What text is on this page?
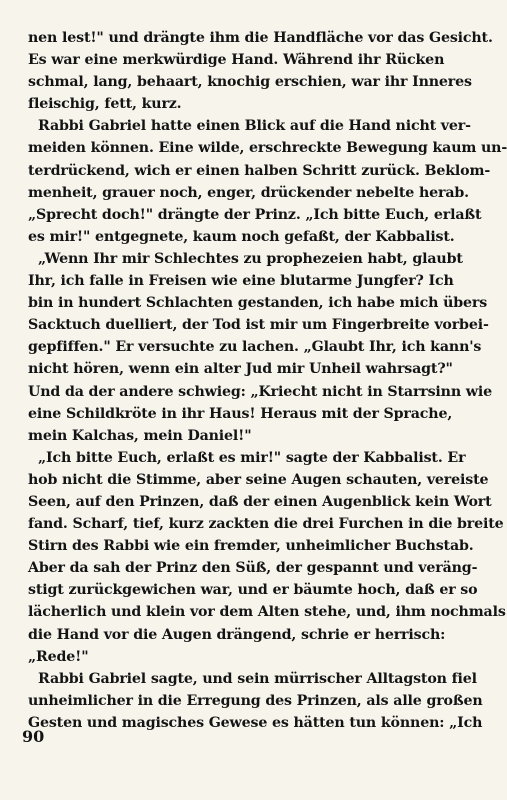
nen lest!" und drängte ihm die Handfläche vor das Gesicht.
Es war eine merkwürdige Hand. Während ihr Rücken
schmal, lang, behaart, knochig erschien, war ihr Inneres
fleischig, fett, kurz.
Rabbi Gabriel hatte einen Blick auf die Hand nicht ver-
meiden können. Eine wilde, erschreckte Bewegung kaum un-
terdrückend, wich er einen halben Schritt zurück. Beklom-
menheit, grauer noch, enger, drückender nebelte herab.
„Sprecht doch!" drängte der Prinz. „Ich bitte Euch, erlaßt
es mir!" entgegnete, kaum noch gefaßt, der Kabbalist.
„Wenn Ihr mir Schlechtes zu prophezeien habt, glaubt
Ihr, ich falle in Freisen wie eine blutarme Jungfer? Ich
bin in hundert Schlachten gestanden, ich habe mich übers
Sacktuch duelliert, der Tod ist mir um Fingerbreite vorbei-
gepfiffen." Er versuchte zu lachen. „Glaubt Ihr, ich kann's
nicht hören, wenn ein alter Jud mir Unheil wahrsagt?"
Und da der andere schwieg: „Kriecht nicht in Starrsinn wie
eine Schildkröte in ihr Haus! Heraus mit der Sprache,
mein Kalchas, mein Daniel!"
„Ich bitte Euch, erlaßt es mir!" sagte der Kabbalist. Er
hob nicht die Stimme, aber seine Augen schauten, vereiste
Seen, auf den Prinzen, daß der einen Augenblick kein Wort
fand. Scharf, tief, kurz zackten die drei Furchen in die breite
Stirn des Rabbi wie ein fremder, unheimlicher Buchstab.
Aber da sah der Prinz den Süß, der gespannt und veräng-
stigt zurückgewichen war, und er bäumte hoch, daß er so
lächerlich und klein vor dem Alten stehe, und, ihm nochmals
die Hand vor die Augen drängend, schrie er herrisch:
„Rede!"
Rabbi Gabriel sagte, und sein mürrischer Alltagston fiel
unheimlicher in die Erregung des Prinzen, als alle großen
Gesten und magisches Gewese es hätten tun können: „Ich
90
